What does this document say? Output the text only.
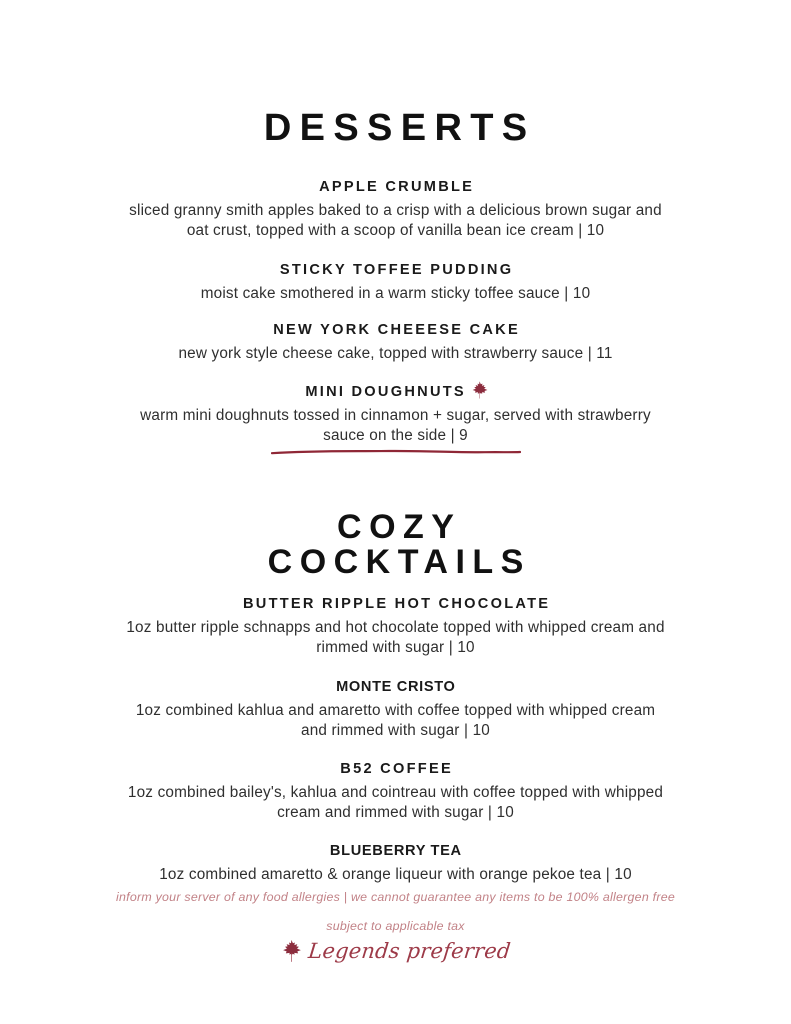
DESSERTS
APPLE CRUMBLE
sliced granny smith apples baked to a crisp with a delicious brown sugar and oat crust, topped with a scoop of vanilla bean ice cream | 10
STICKY TOFFEE PUDDING
moist cake smothered in a warm sticky toffee sauce | 10
NEW YORK CHEEESE CAKE
new york style cheese cake, topped with strawberry sauce | 11
MINI DOUGHNUTS
warm mini doughnuts tossed in cinnamon + sugar, served with strawberry sauce on the side | 9
COZY
COCKTAILS
BUTTER RIPPLE HOT CHOCOLATE
1oz butter ripple schnapps and hot chocolate topped with whipped cream and rimmed with sugar | 10
MONTE CRISTO
1oz combined kahlua and amaretto with coffee topped with whipped cream and rimmed with sugar | 10
B52 COFFEE
1oz combined bailey's, kahlua and cointreau with coffee topped with whipped cream and rimmed with sugar | 10
BLUEBERRY TEA
1oz combined amaretto & orange liqueur with orange pekoe tea | 10
inform your server of any food allergies | we cannot guarantee any items to be 100% allergen free
subject to applicable tax
Legends preferred
